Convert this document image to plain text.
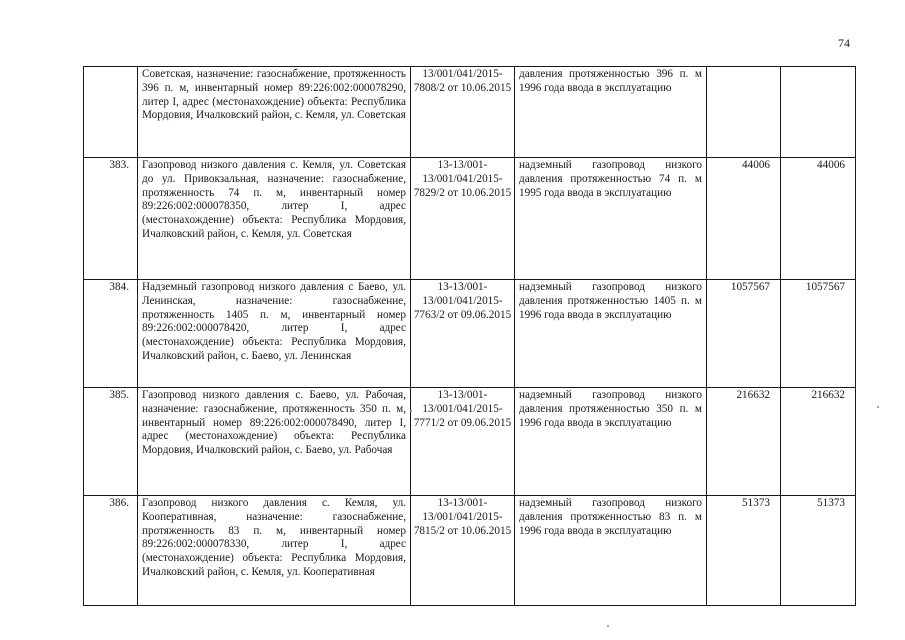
74
	Советская, назначение: газоснабжение, протяженность 396 п. м, инвентарный номер 89:226:002:000078290, литер I, адрес (местонахождение) объекта: Республика Мордовия, Ичалковский район, с. Кемля, ул. Советская	13/001/041/2015-7808/2 от 10.06.2015	давления протяженностью 396 п. м 1996 года ввода в эксплуатацию		
383.	Газопровод низкого давления с. Кемля, ул. Советская до ул. Привокзальная, назначение: газоснабжение, протяженность 74 п. м, инвентарный номер 89:226:002:000078350, литер I, адрес (местонахождение) объекта: Республика Мордовия, Ичалковский район, с. Кемля, ул. Советская	13-13/001-13/001/041/2015-7829/2 от 10.06.2015	надземный газопровод низкого давления протяженностью 74 п. м 1995 года ввода в эксплуатацию	44006	44006
384.	Надземный газопровод низкого давления с Баево, ул. Ленинская, назначение: газоснабжение, протяженность 1405 п. м, инвентарный номер 89:226:002:000078420, литер I, адрес (местонахождение) объекта: Республика Мордовия, Ичалковский район, с. Баево, ул. Ленинская	13-13/001-13/001/041/2015-7763/2 от 09.06.2015	надземный газопровод низкого давления протяженностью 1405 п. м 1996 года ввода в эксплуатацию	1057567	1057567
385.	Газопровод низкого давления с. Баево, ул. Рабочая, назначение: газоснабжение, протяженность 350 п. м, инвентарный номер 89:226:002:000078490, литер I, адрес (местонахождение) объекта: Республика Мордовия, Ичалковский район, с. Баево, ул. Рабочая	13-13/001-13/001/041/2015-7771/2 от 09.06.2015	надземный газопровод низкого давления протяженностью 350 п. м 1996 года ввода в эксплуатацию	216632	216632
386.	Газопровод низкого давления с. Кемля, ул. Кооперативная, назначение: газоснабжение, протяженность 83 п. м, инвентарный номер 89:226:002:000078330, литер I, адрес (местонахождение) объекта: Республика Мордовия, Ичалковский район, с. Кемля, ул. Кооперативная	13-13/001-13/001/041/2015-7815/2 от 10.06.2015	надземный газопровод низкого давления протяженностью 83 п. м 1996 года ввода в эксплуатацию	51373	51373
